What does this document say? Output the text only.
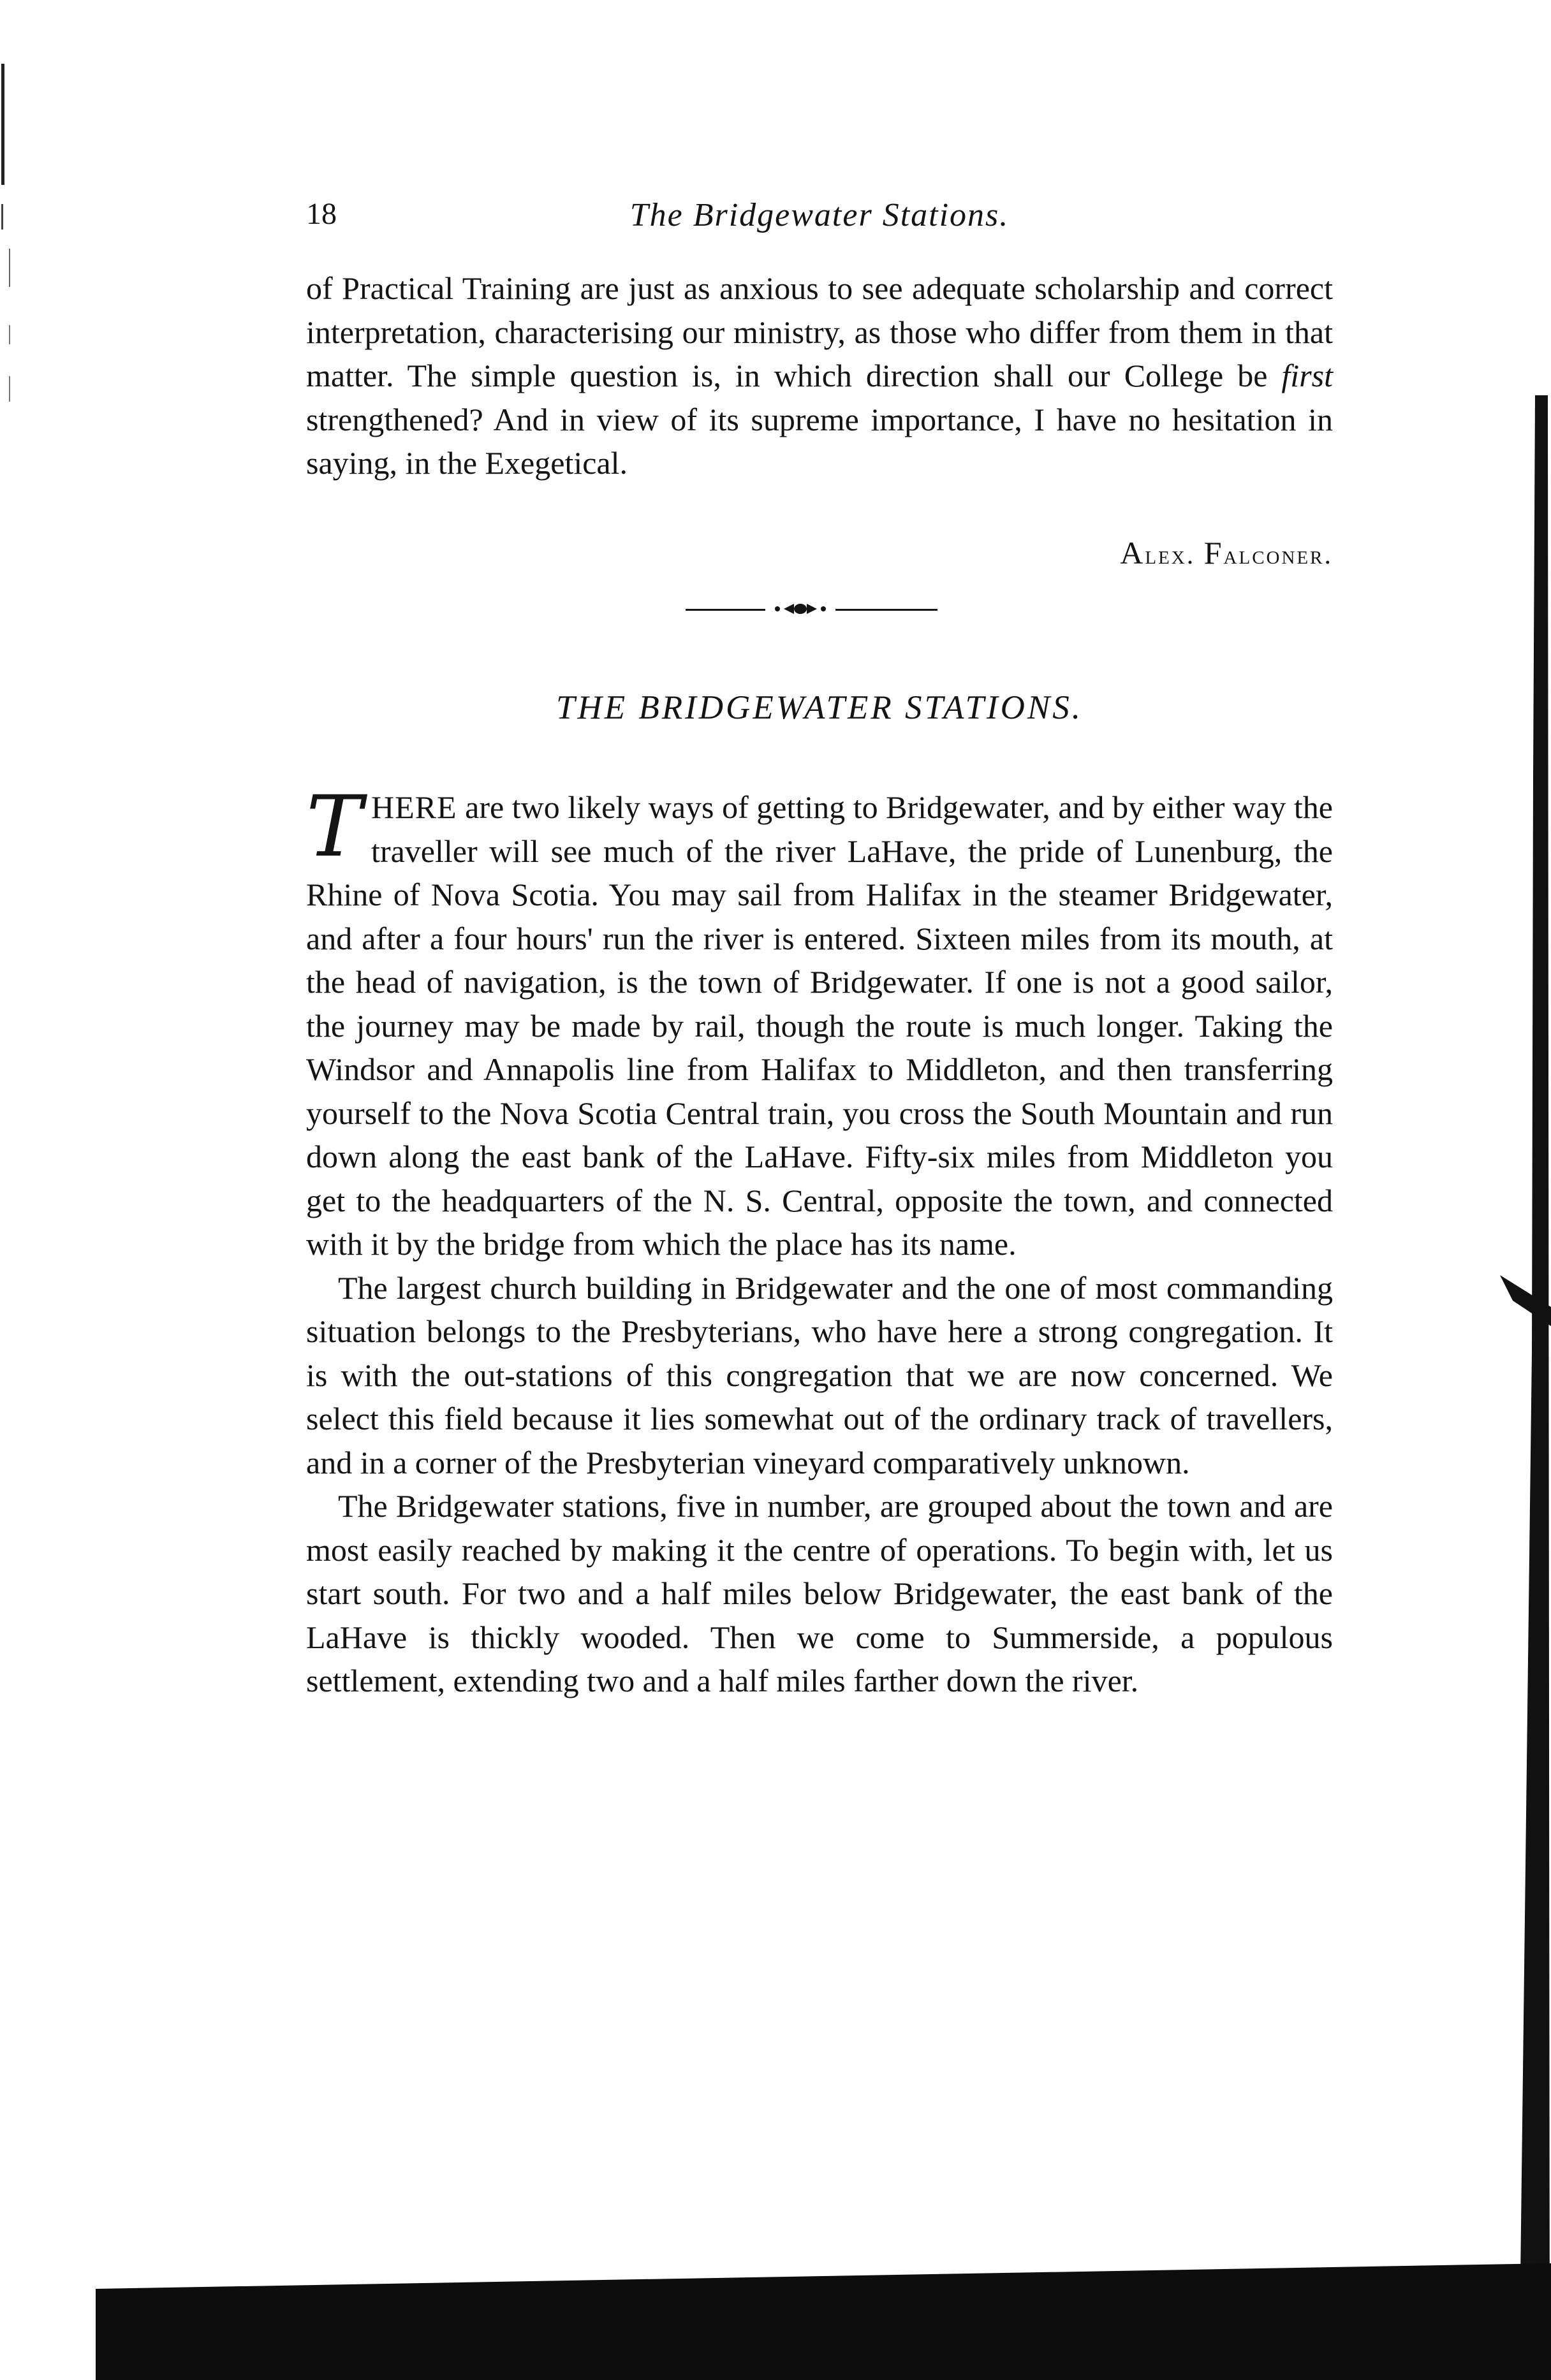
18	The Bridgewater Stations.

of Practical Training are just as anxious to see adequate scholarship and correct interpretation, characterising our ministry, as those who differ from them in that matter. The simple question is, in which direction shall our College be first strengthened? And in view of its supreme importance, I have no hesitation in saying, in the Exegetical.

Alex. Falconer.
THE BRIDGEWATER STATIONS.

THERE are two likely ways of getting to Bridgewater, and by either way the traveller will see much of the river LaHave, the pride of Lunenburg, the Rhine of Nova Scotia. You may sail from Halifax in the steamer Bridgewater, and after a four hours' run the river is entered. Sixteen miles from its mouth, at the head of navigation, is the town of Bridgewater. If one is not a good sailor, the journey may be made by rail, though the route is much longer. Taking the Windsor and Annapolis line from Halifax to Middleton, and then transferring yourself to the Nova Scotia Central train, you cross the South Mountain and run down along the east bank of the LaHave. Fifty-six miles from Middleton you get to the headquarters of the N. S. Central, opposite the town, and connected with it by the bridge from which the place has its name.

The largest church building in Bridgewater and the one of most commanding situation belongs to the Presbyterians, who have here a strong congregation. It is with the out-stations of this congregation that we are now concerned. We select this field because it lies somewhat out of the ordinary track of travellers, and in a corner of the Presbyterian vineyard comparatively unknown.

The Bridgewater stations, five in number, are grouped about the town and are most easily reached by making it the centre of operations. To begin with, let us start south. For two and a half miles below Bridgewater, the east bank of the LaHave is thickly wooded. Then we come to Summerside, a populous settlement, extending two and a half miles farther down the river.
